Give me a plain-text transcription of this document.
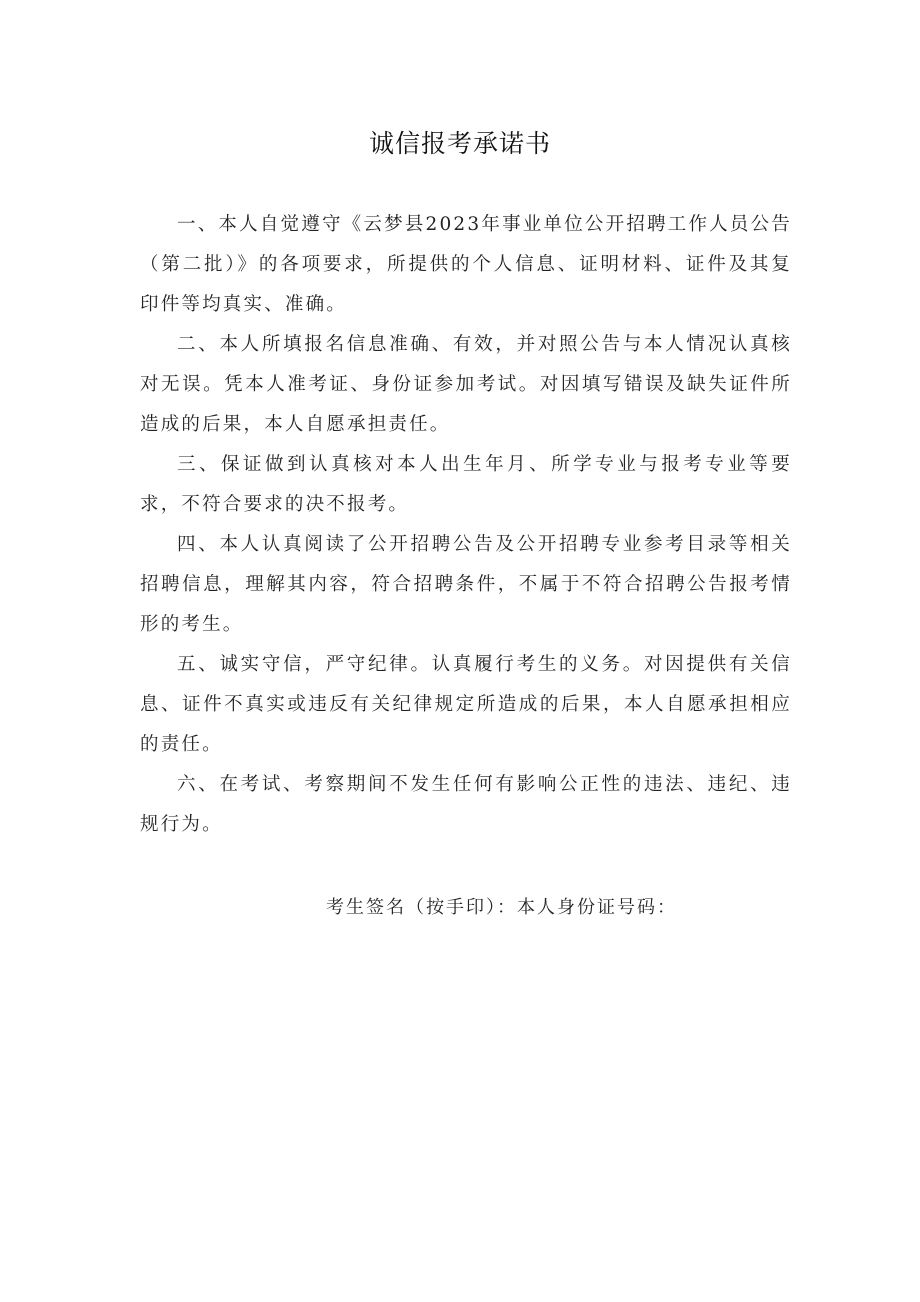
诚信报考承诺书

一、本人自觉遵守《云梦县2023年事业单位公开招聘工作人员公告（第二批）》的各项要求，所提供的个人信息、证明材料、证件及其复印件等均真实、准确。

二、本人所填报名信息准确、有效，并对照公告与本人情况认真核对无误。凭本人准考证、身份证参加考试。对因填写错误及缺失证件所造成的后果，本人自愿承担责任。

三、保证做到认真核对本人出生年月、所学专业与报考专业等要求，不符合要求的决不报考。

四、本人认真阅读了公开招聘公告及公开招聘专业参考目录等相关招聘信息，理解其内容，符合招聘条件，不属于不符合招聘公告报考情形的考生。

五、诚实守信，严守纪律。认真履行考生的义务。对因提供有关信息、证件不真实或违反有关纪律规定所造成的后果，本人自愿承担相应的责任。

六、在考试、考察期间不发生任何有影响公正性的违法、违纪、违规行为。

考生签名（按手印）：本人身份证号码：
